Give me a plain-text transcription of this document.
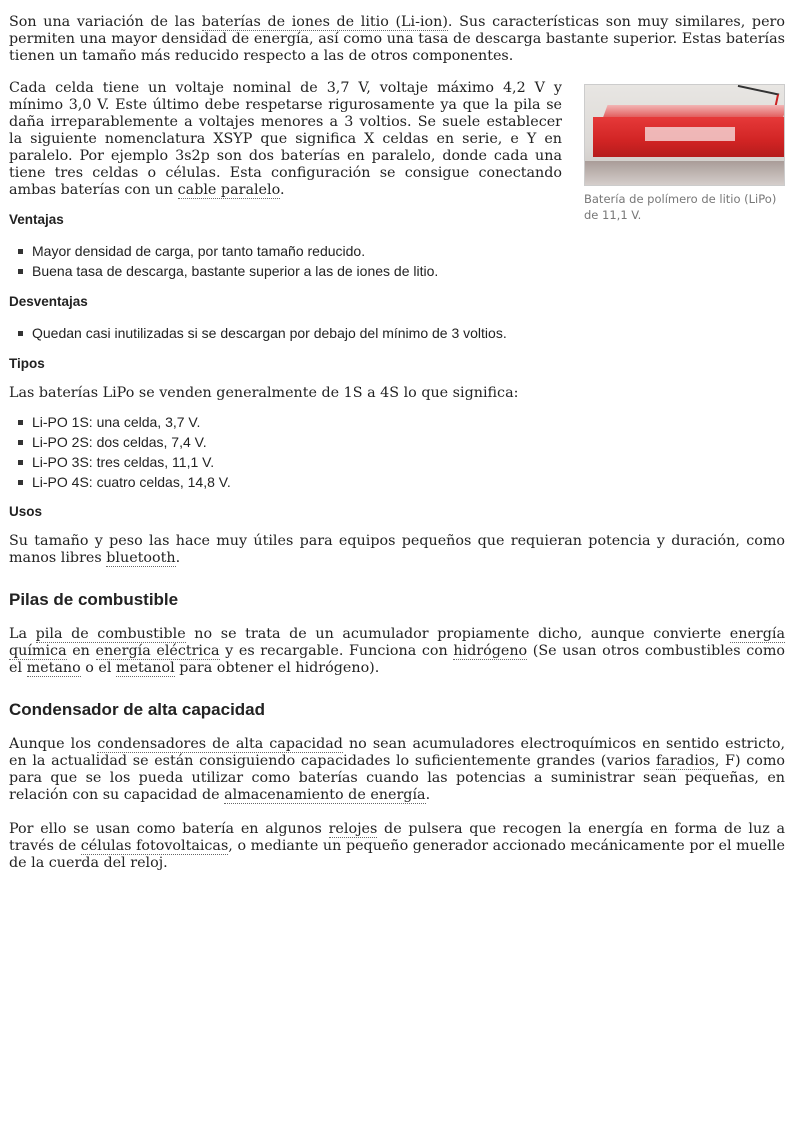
Son una variación de las baterías de iones de litio (Li-ion). Sus características son muy similares, pero permiten una mayor densidad de energía, así como una tasa de descarga bastante superior. Estas baterías tienen un tamaño más reducido respecto a las de otros componentes.

Batería de polímero de litio (LiPo) de 11,1 V.

Cada celda tiene un voltaje nominal de 3,7 V, voltaje máximo 4,2 V y mínimo 3,0 V. Este último debe respetarse rigurosamente ya que la pila se daña irreparablemente a voltajes menores a 3 voltios. Se suele establecer la siguiente nomenclatura XSYP que significa X celdas en serie, e Y en paralelo. Por ejemplo 3s2p son dos baterías en paralelo, donde cada una tiene tres celdas o células. Esta configuración se consigue conectando ambas baterías con un cable paralelo.

Ventajas
Mayor densidad de carga, por tanto tamaño reducido.
Buena tasa de descarga, bastante superior a las de iones de litio.
Desventajas
Quedan casi inutilizadas si se descargan por debajo del mínimo de 3 voltios.
Tipos

Las baterías LiPo se venden generalmente de 1S a 4S lo que significa:

Li-PO 1S: una celda, 3,7 V.
Li-PO 2S: dos celdas, 7,4 V.
Li-PO 3S: tres celdas, 11,1 V.
Li-PO 4S: cuatro celdas, 14,8 V.
Usos

Su tamaño y peso las hace muy útiles para equipos pequeños que requieran potencia y duración, como manos libres bluetooth.

Pilas de combustible

La pila de combustible no se trata de un acumulador propiamente dicho, aunque convierte energía química en energía eléctrica y es recargable. Funciona con hidrógeno (Se usan otros combustibles como el metano o el metanol para obtener el hidrógeno).

Condensador de alta capacidad

Aunque los condensadores de alta capacidad no sean acumuladores electroquímicos en sentido estricto, en la actualidad se están consiguiendo capacidades lo suficientemente grandes (varios faradios, F) como para que se los pueda utilizar como baterías cuando las potencias a suministrar sean pequeñas, en relación con su capacidad de almacenamiento de energía.

Por ello se usan como batería en algunos relojes de pulsera que recogen la energía en forma de luz a través de células fotovoltaicas, o mediante un pequeño generador accionado mecánicamente por el muelle de la cuerda del reloj.
